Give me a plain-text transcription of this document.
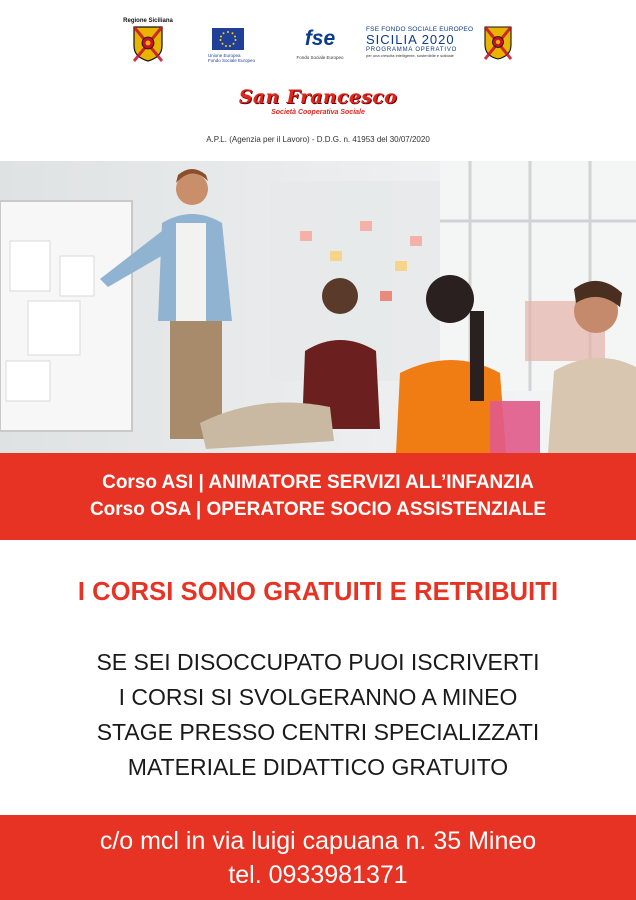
Regione Siciliana
Unione Europea
Fondo Sociale Europeo
fse
Fondo Sociale Europeo
FSE FONDO SOCIALE EUROPEO
SICILIA 2020
PROGRAMMA OPERATIVO
per una crescita intelligente, sostenibile e solidale
San Francesco
Società Cooperativa Sociale
A.P.L. (Agenzia per il Lavoro) - D.D.G. n. 41953 del 30/07/2020
Corso ASI | ANIMATORE SERVIZI ALL’INFANZIA
Corso OSA | OPERATORE SOCIO ASSISTENZIALE
I CORSI SONO GRATUITI E RETRIBUITI
SE SEI DISOCCUPATO PUOI ISCRIVERTI
I CORSI SI SVOLGERANNO A MINEO
STAGE PRESSO CENTRI SPECIALIZZATI
MATERIALE DIDATTICO GRATUITO
c/o mcl in via luigi capuana n. 35 Mineo
tel. 0933981371
